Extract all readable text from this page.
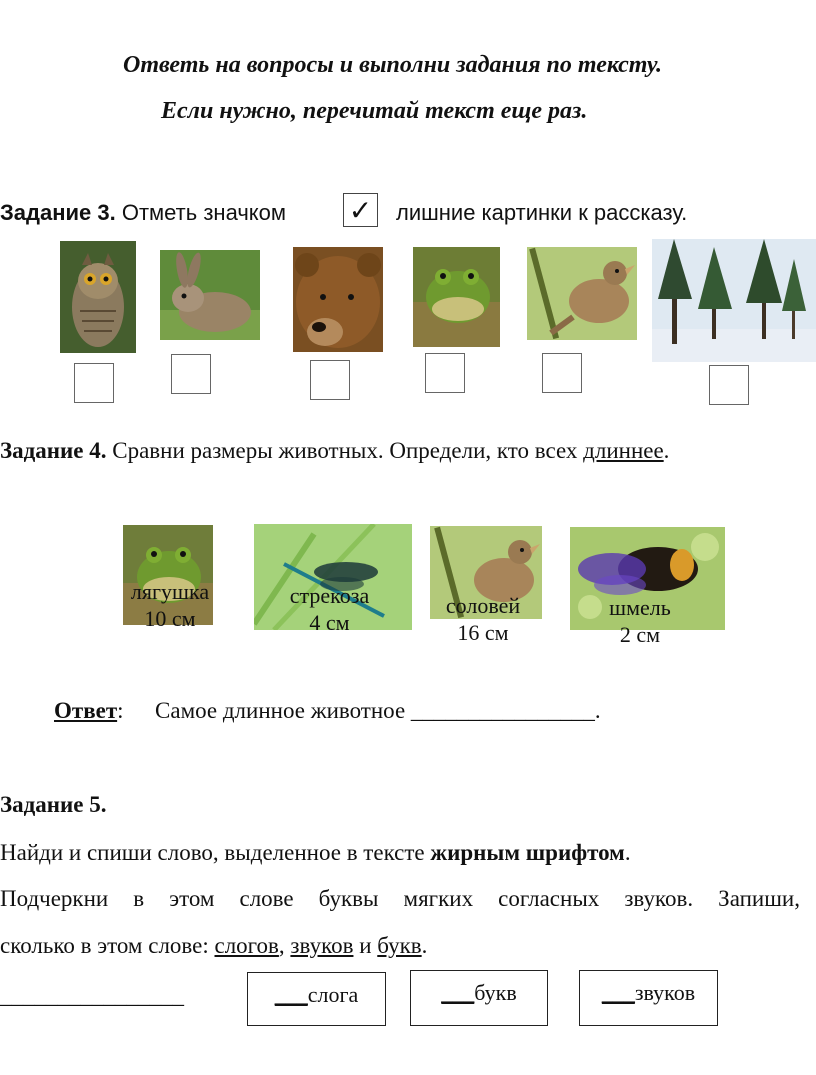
Ответь на вопросы и выполни задания по тексту.
Если нужно, перечитай текст еще раз.
Задание 3. Отметь значком ✓ лишние картинки к рассказу.
Задание 4. Сравни размеры животных. Определи, кто всех длиннее.
лягушка
10 см
стрекоза
4 см
соловей
16 см
шмель
2 см
Ответ: Самое длинное животное ________________.
Задание 5.
Найди и спиши слово, выделенное в тексте жирным шрифтом.
Подчеркни в этом слове буквы мягких согласных звуков. Запиши,
сколько в этом слове: слогов, звуков и букв.
________________	___ слога	___ букв	___ звуков
